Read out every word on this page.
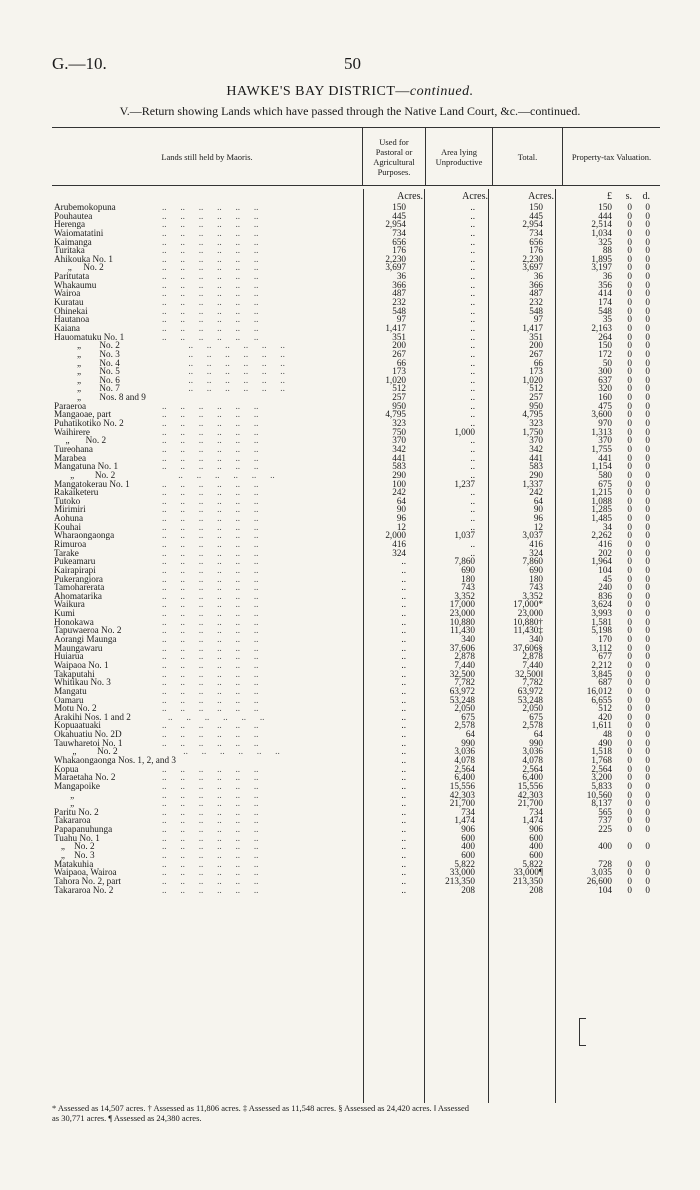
G.—10.	50
HAWKE'S BAY DISTRICT—continued.
V.—Return showing Lands which have passed through the Native Land Court, &c.—continued.
Lands still held by Maoris.	Used for Pastoral or Agricultural Purposes.	Area lying Unproductive	Total.	Property-tax Valuation.
Acres.	Acres.	Acres.	£	s.	d.
Arubemokopuna	..      ..      ..      ..      ..      ..	150	..	150	150 0 0
Pouhautea	..      ..      ..      ..      ..      ..	445	..	445	444 0 0
Herenga	..      ..      ..      ..      ..      ..	2,954	..	2,954	2,514 0 0
Waiomatatini	..      ..      ..      ..      ..      ..	734	..	734	1,034 0 0
Kaimanga	..      ..      ..      ..      ..      ..	656	..	656	325 0 0
Turitaka	..      ..      ..      ..      ..      ..	176	..	176	88 0 0
Ahikouka No. 1	..      ..      ..      ..      ..      ..	2,230	..	2,230	1,895 0 0
„     No. 2	..      ..      ..      ..      ..      ..	3,697	..	3,697	3,197 0 0
Paritutata	..      ..      ..      ..      ..      ..	36	..	36	36 0 0
Whakaumu	..      ..      ..      ..      ..      ..	366	..	366	356 0 0
Wairoa	..      ..      ..      ..      ..      ..	487	..	487	414 0 0
Kuratau	..      ..      ..      ..      ..      ..	232	..	232	174 0 0
Ohinekai	..      ..      ..      ..      ..      ..	548	..	548	548 0 0
Hautanoa	..      ..      ..      ..      ..      ..	97	..	97	35 0 0
Kaiana	..      ..      ..      ..      ..      ..	1,417	..	1,417	2,163 0 0
Hauomatuku No. 1	..      ..      ..      ..      ..      ..	351	..	351	264 0 0
„        No. 2	..      ..      ..      ..      ..      ..	200	..	200	150 0 0
„        No. 3	..      ..      ..      ..      ..      ..	267	..	267	172 0 0
„        No. 4	..      ..      ..      ..      ..      ..	66	..	66	50 0 0
„        No. 5	..      ..      ..      ..      ..      ..	173	..	173	300 0 0
„        No. 6	..      ..      ..      ..      ..      ..	1,020	..	1,020	637 0 0
„        No. 7	..      ..      ..      ..      ..      ..	512	..	512	320 0 0
„        Nos. 8 and 9	257	..	257	160 0 0
Paraeroa	..      ..      ..      ..      ..      ..	950	..	950	475 0 0
Mangaoae, part	..      ..      ..      ..      ..      ..	4,795	..	4,795	3,600 0 0
Puhatikotiko No. 2	..      ..      ..      ..      ..      ..	323	..	323	970 0 0
Waihirere	..      ..      ..      ..      ..      ..	750	1,000	1,750	1,313 0 0
„       No. 2	..      ..      ..      ..      ..      ..	370	..	370	370 0 0
Tureohana	..      ..      ..      ..      ..      ..	342	..	342	1,755 0 0
Marabea	..      ..      ..      ..      ..      ..	441	..	441	441 0 0
Mangatuna No. 1	..      ..      ..      ..      ..      ..	583	..	583	1,154 0 0
„         No. 2	..      ..      ..      ..      ..      ..	290	..	290	580 0 0
Mangatokerau No. 1	..      ..      ..      ..      ..      ..	100	1,237	1,337	675 0 0
Rakaiketeru	..      ..      ..      ..      ..      ..	242	..	242	1,215 0 0
Tutoko	..      ..      ..      ..      ..      ..	64	..	64	1,088 0 0
Mirimiri	..      ..      ..      ..      ..      ..	90	..	90	1,285 0 0
Aohuna	..      ..      ..      ..      ..      ..	96	..	96	1,485 0 0
Kouhai	..      ..      ..      ..      ..      ..	12	..	12	34 0 0
Wharaongaonga	..      ..      ..      ..      ..      ..	2,000	1,037	3,037	2,262 0 0
Rimuroa	..      ..      ..      ..      ..      ..	416	..	416	416 0 0
Tarake	..      ..      ..      ..      ..      ..	324	..	324	202 0 0
Pukeamaru	..      ..      ..      ..      ..      ..	..	7,860	7,860	1,964 0 0
Kairapirapi	..      ..      ..      ..      ..      ..	..	690	690	104 0 0
Pukerangiora	..      ..      ..      ..      ..      ..	..	180	180	45 0 0
Tamoharerata	..      ..      ..      ..      ..      ..	..	743	743	240 0 0
Ahomatarika	..      ..      ..      ..      ..      ..	..	3,352	3,352	836 0 0
Waikura	..      ..      ..      ..      ..      ..	..	17,000	17,000*	3,624 0 0
Kumi	..      ..      ..      ..      ..      ..	..	23,000	23,000	3,993 0 0
Honokawa	..      ..      ..      ..      ..      ..	..	10,880	10,880†	1,581 0 0
Tapuwaeroa No. 2	..      ..      ..      ..      ..      ..	..	11,430	11,430‡	5,198 0 0
Aorangi Maunga	..      ..      ..      ..      ..      ..	..	340	340	170 0 0
Maungawaru	..      ..      ..      ..      ..      ..	..	37,606	37,606§	3,112 0 0
Huiarua	..      ..      ..      ..      ..      ..	..	2,878	2,878	677 0 0
Waipaoa No. 1	..      ..      ..      ..      ..      ..	..	7,440	7,440	2,212 0 0
Takaputahi	..      ..      ..      ..      ..      ..	..	32,500	32,500‖	3,845 0 0
Whitikau No. 3	..      ..      ..      ..      ..      ..	..	7,782	7,782	687 0 0
Mangatu	..      ..      ..      ..      ..      ..	..	63,972	63,972	16,012 0 0
Oamaru	..      ..      ..      ..      ..      ..	..	53,248	53,248	6,655 0 0
Motu No. 2	..      ..      ..      ..      ..      ..	..	2,050	2,050	512 0 0
Arakihi Nos. 1 and 2	..      ..      ..      ..      ..      ..	..	675	675	420 0 0
Kopuaatuaki	..      ..      ..      ..      ..      ..	..	2,578	2,578	1,611 0 0
Okahuatiu No. 2D	..      ..      ..      ..      ..      ..	..	64	64	48 0 0
Tauwharetoi No. 1	..      ..      ..      ..      ..      ..	..	990	990	490 0 0
„         No. 2	..      ..      ..      ..      ..      ..	..	3,036	3,036	1,518 0 0
Whakaongaonga Nos. 1, 2, and 3	..	4,078	4,078	1,768 0 0
Kopua	..      ..      ..      ..      ..      ..	..	2,564	2,564	2,564 0 0
Maraetaha No. 2	..      ..      ..      ..      ..      ..	..	6,400	6,400	3,200 0 0
Mangapoike	..      ..      ..      ..      ..      ..	..	15,556	15,556	5,833 0 0
„	..      ..      ..      ..      ..      ..	..	42,303	42,303	10,560 0 0
„	..      ..      ..      ..      ..      ..	..	21,700	21,700	8,137 0 0
Paritu No. 2	..      ..      ..      ..      ..      ..	..	734	734	565 0 0
Takararoa	..      ..      ..      ..      ..      ..	..	1,474	1,474	737 0 0
Papapanuhunga	..      ..      ..      ..      ..      ..	..	906	906	225 0 0
Tuahu No. 1	..      ..      ..      ..      ..      ..	..	600	600
„    No. 2	..      ..      ..      ..      ..      ..	..	400	400	400 0 0
„    No. 3	..      ..      ..      ..      ..      ..	..	600	600
Matakuhia	..      ..      ..      ..      ..      ..	..	5,822	5,822	728 0 0
Waipaoa, Wairoa	..      ..      ..      ..      ..      ..	..	33,000	33,000¶	3,035 0 0
Tahora No. 2, part	..      ..      ..      ..      ..      ..	..	213,350	213,350	26,600 0 0
Takararoa No. 2	..      ..      ..      ..      ..      ..	..	208	208	104 0 0
* Assessed as 14,507 acres. † Assessed as 11,806 acres. ‡ Assessed as 11,548 acres. § Assessed as 24,420 acres. ‖ Assessed
as 30,771 acres. ¶ Assessed as 24,380 acres.
